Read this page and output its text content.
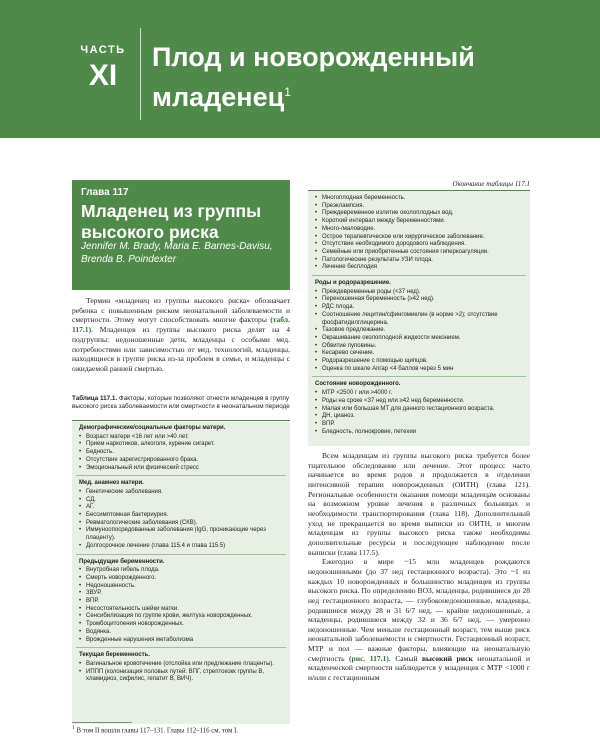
ЧАСТЬ
XI
Плод и новорожденный
младенец$^1$
Глава 117
Младенец из группы высокого риска
Jennifer M. Brady, Maria E. Barnes-Davisu, Brenda B. Poindexter
Термин «младенец из группы высокого риска» обозначает ребенка с повышенным риском неонатальной заболеваемости и смертности. Этому могут способствовать многие факторы (табл. 117.1). Младенцев из группы высокого риска делят на 4 подгруппы: недоношенные дети, младенцы с особыми мед. потребностями или зависимостью от мед. технологий, младенцы, находящиеся в группе риска из-за проблем в семье, и младенцы с ожидаемой ранней смертью.
Таблица 117.1. Факторы, которые позволяют отнести младенцев в группу высокого риска заболеваемости или смертности в неонатальном периоде
Демографические/социальные факторы матери.
• Возраст матери <16 лет или >40 лет.
• Прием наркотиков, алкоголя, курение сигарет.
• Бедность.
• Отсутствие зарегистрированного брака.
• Эмоциональный или физический стресс
Мед. анамнез матери.
• Генетические заболевания.
• СД.
• АГ.
• Бессимптомная бактериурия.
• Ревматологические заболевания (СКВ).
• Иммуноопосредованные заболевания (IgG, проникающие через плаценту).
• Долгосрочное лечение (глава 115.4 и глава 115.5)
Предыдущие беременности.
• Внутробная гибель плода.
• Смерть новорожденного.
• Недоношенность.
• ЗВУР.
• ВПР.
• Несостоятельность шейки матки.
• Сенсибилизация по группе крови, желтуха новорожденных.
• Тромбоцитопения новорожденных.
• Водянка.
• Врожденные нарушения метаболизма
Текущая беременность.
• Вагинальное кровотечение (отслойка или предлежание плаценты).
• ИППП (колонизация половых путей: ВПГ, стрептококк группы B, хламидиоз, сифилис, гепатит B, ВИЧ).
$^1$ В том II вошли главы 117–131. Главы 112–116 см. том I.
Окончание таблицы 117.1
• Многоплодная беременность.
• Преэклампсия.
• Преждевременное излитие околоплодных вод.
• Короткий интервал между беременностями.
• Много-/маловодие.
• Острое терапевтическое или хирургическое заболевание.
• Отсутствие необходимого дородового наблюдения.
• Семейные или приобретенные состояния гиперкоагуляции.
• Патологические результаты УЗИ плода.
• Лечение бесплодия
Роды и родоразрешение.
• Преждевременные роды (<37 нед).
• Переношенная беременность (≥42 нед).
• РДС плода.
• Соотношение лецитин/сфингомиелин (в норме >2); отсутствие фосфатидилглицерина.
• Тазовое предлежание.
• Окрашивание околоплодной жидкости меконием.
• Обвитие пуповины.
• Кесарево сечение.
• Родоразрешение с помощью щипцов.
• Оценка по шкале Апгар <4 баллов через 5 мин
Состояние новорожденного.
• МТР <2500 г или >4000 г.
• Роды на сроке <37 нед или ≥42 нед беременности.
• Малая или большая МТ для данного гестационного возраста.
• ДН, цианоз.
• ВПР.
• Бледность, полнокровие, петехии

Всем младенцам из группы высокого риска требуется более тщательное обследование или лечение. Этот процесс часто начинается во время родов и продолжается в отделении интенсивной терапии новорожденных (ОИТН) (глава 121). Региональные особенности оказания помощи младенцам основаны на возможном уровне лечения в различных больницах и необходимости транспортирования (глава 118). Дополнительный уход не прекращается во время выписки из ОИТН, и многим младенцам из группы высокого риска также необходимы дополнительные ресурсы и последующее наблюдение после выписки (глава 117.5).

Ежегодно в мире ~15 млн младенцев рождаются недоношенными (до 37 нед гестационного возраста). Это ~1 из каждых 10 новорожденных и большинство младенцев из группы высокого риска. По определению ВОЗ, младенцы, родившиеся до 28 нед гестационного возраста, — глубоконедоношенные, младенцы, родившиеся между 28 и 31 6/7 нед, — крайне недоношенные, а младенцы, родившиеся между 32 и 36 6/7 нед, — умеренно недоношенные. Чем меньше гестационный возраст, тем выше риск неонатальной заболеваемости и смертности. Гестационный возраст, МТР и пол — важные факторы, влияющие на неонатальную смертность (рис. 117.1). Самый высокий риск неонатальной и младенческой смертности наблюдается у младенцев с МТР <1000 г и/или с гестационным
